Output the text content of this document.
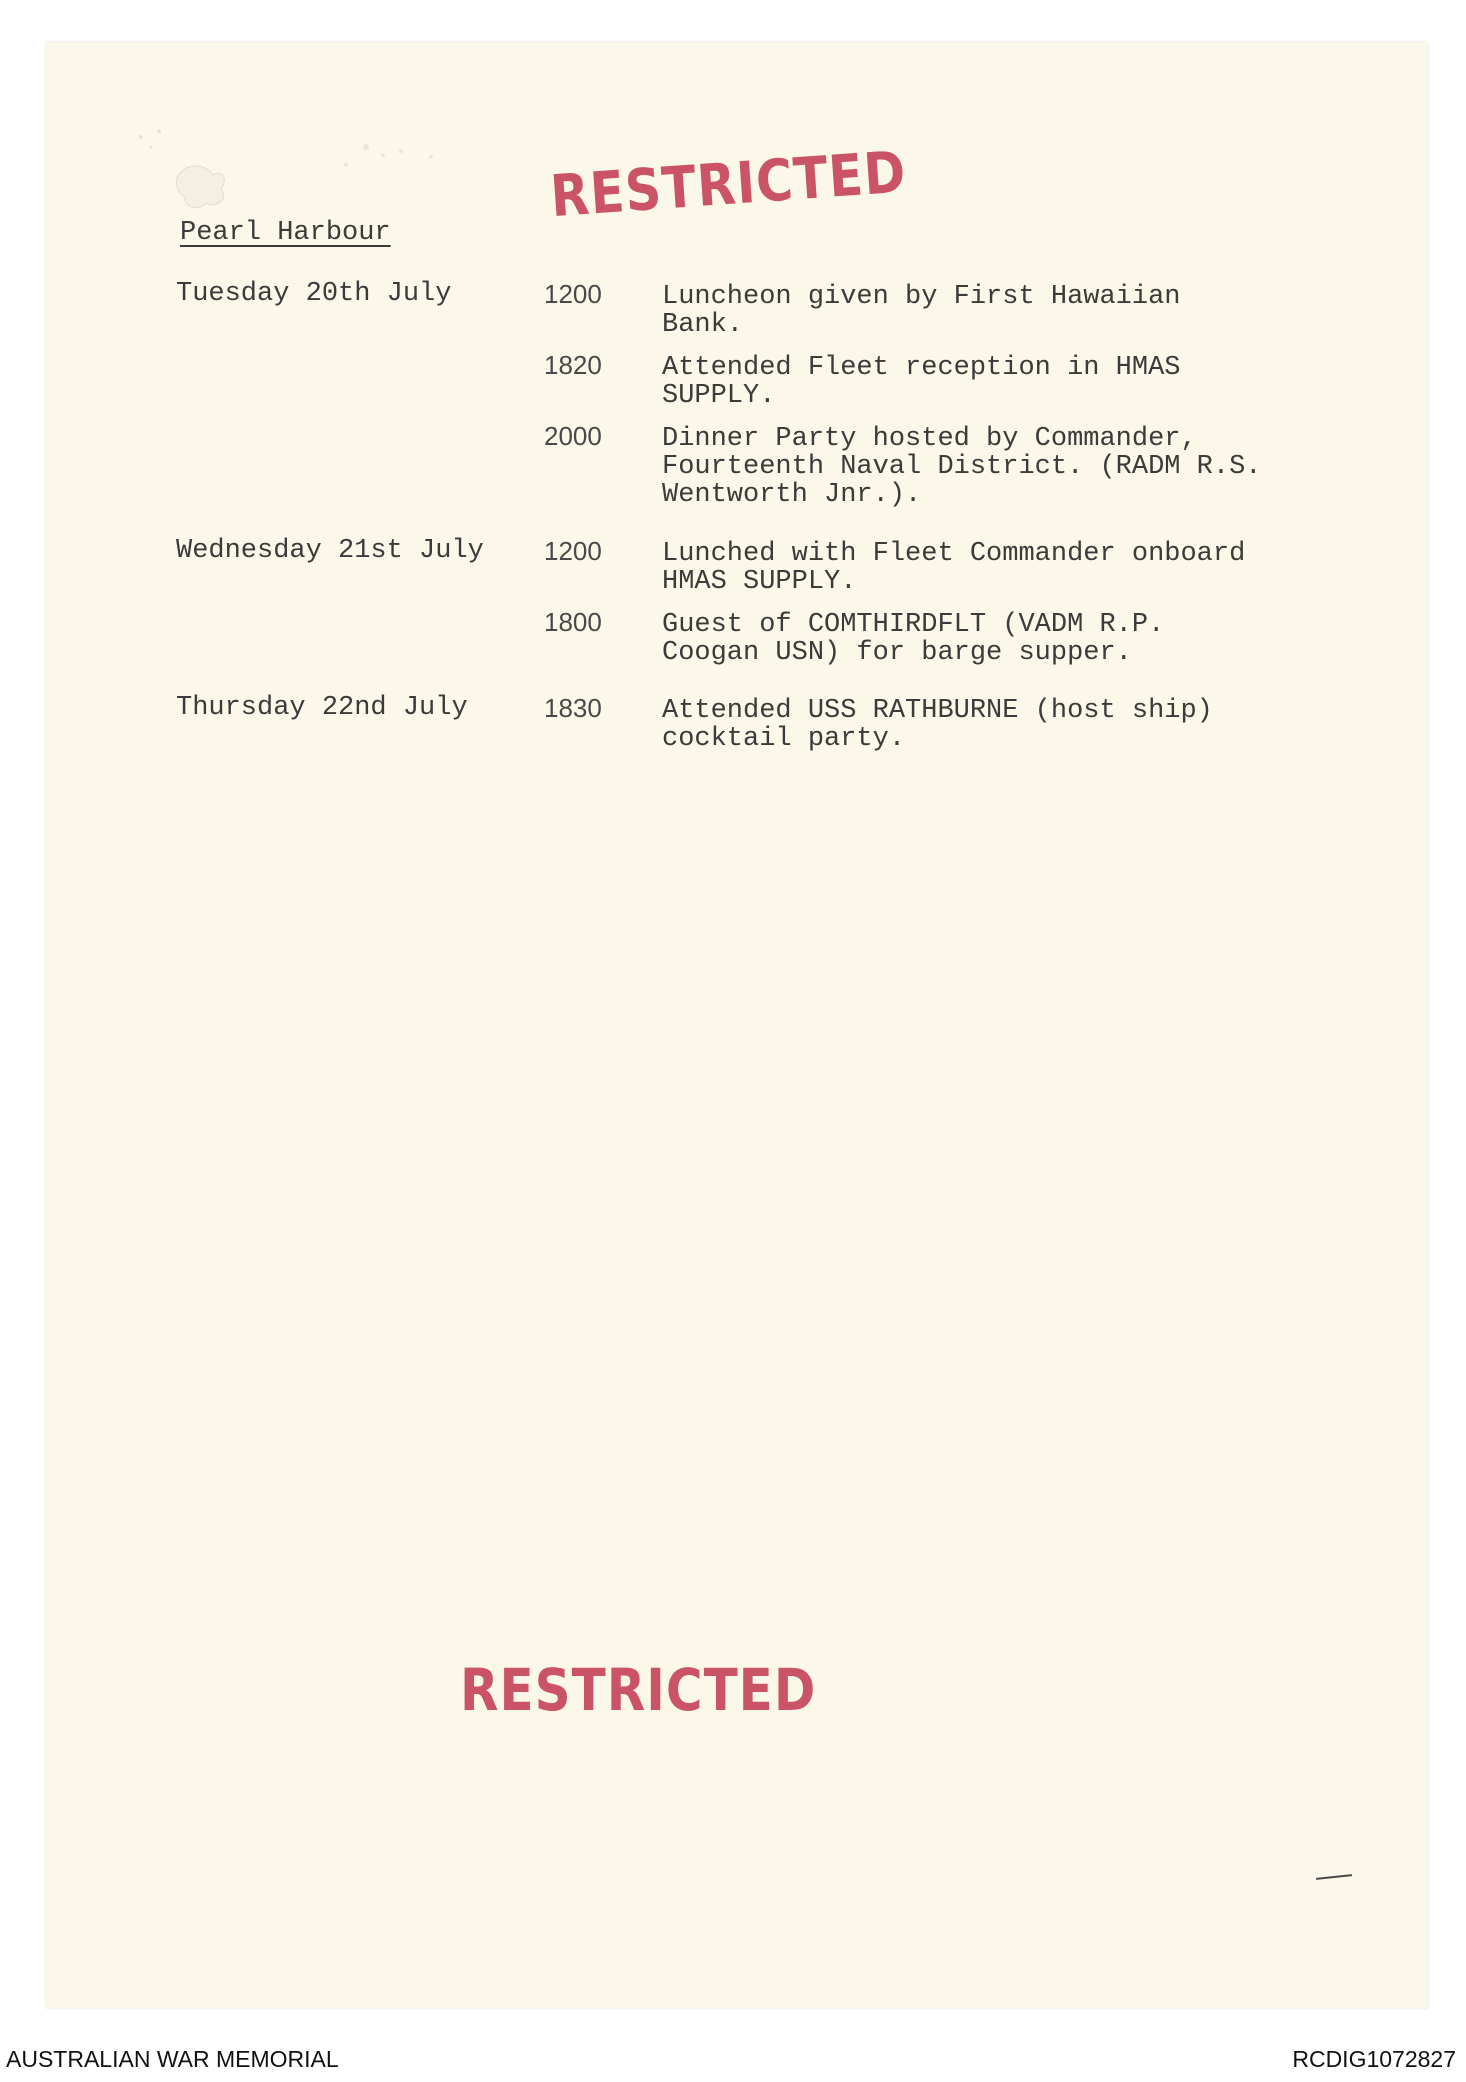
RESTRICTED
Pearl Harbour
Tuesday 20th July	1200 Luncheon given by First Hawaiian
Bank.
1820 Attended Fleet reception in HMAS
SUPPLY.
2000 Dinner Party hosted by Commander,
Fourteenth Naval District. (RADM R.S.
Wentworth Jnr.).
Wednesday 21st July 1200 Lunched with Fleet Commander onboard
HMAS SUPPLY.
1800 Guest of COMTHIRDFLT (VADM R.P.
Coogan USN) for barge supper.
Thursday 22nd July	1830 Attended USS RATHBURNE (host ship)
cocktail party.
RESTRICTED
AUSTRALIAN WAR MEMORIAL	RCDIG1072827
